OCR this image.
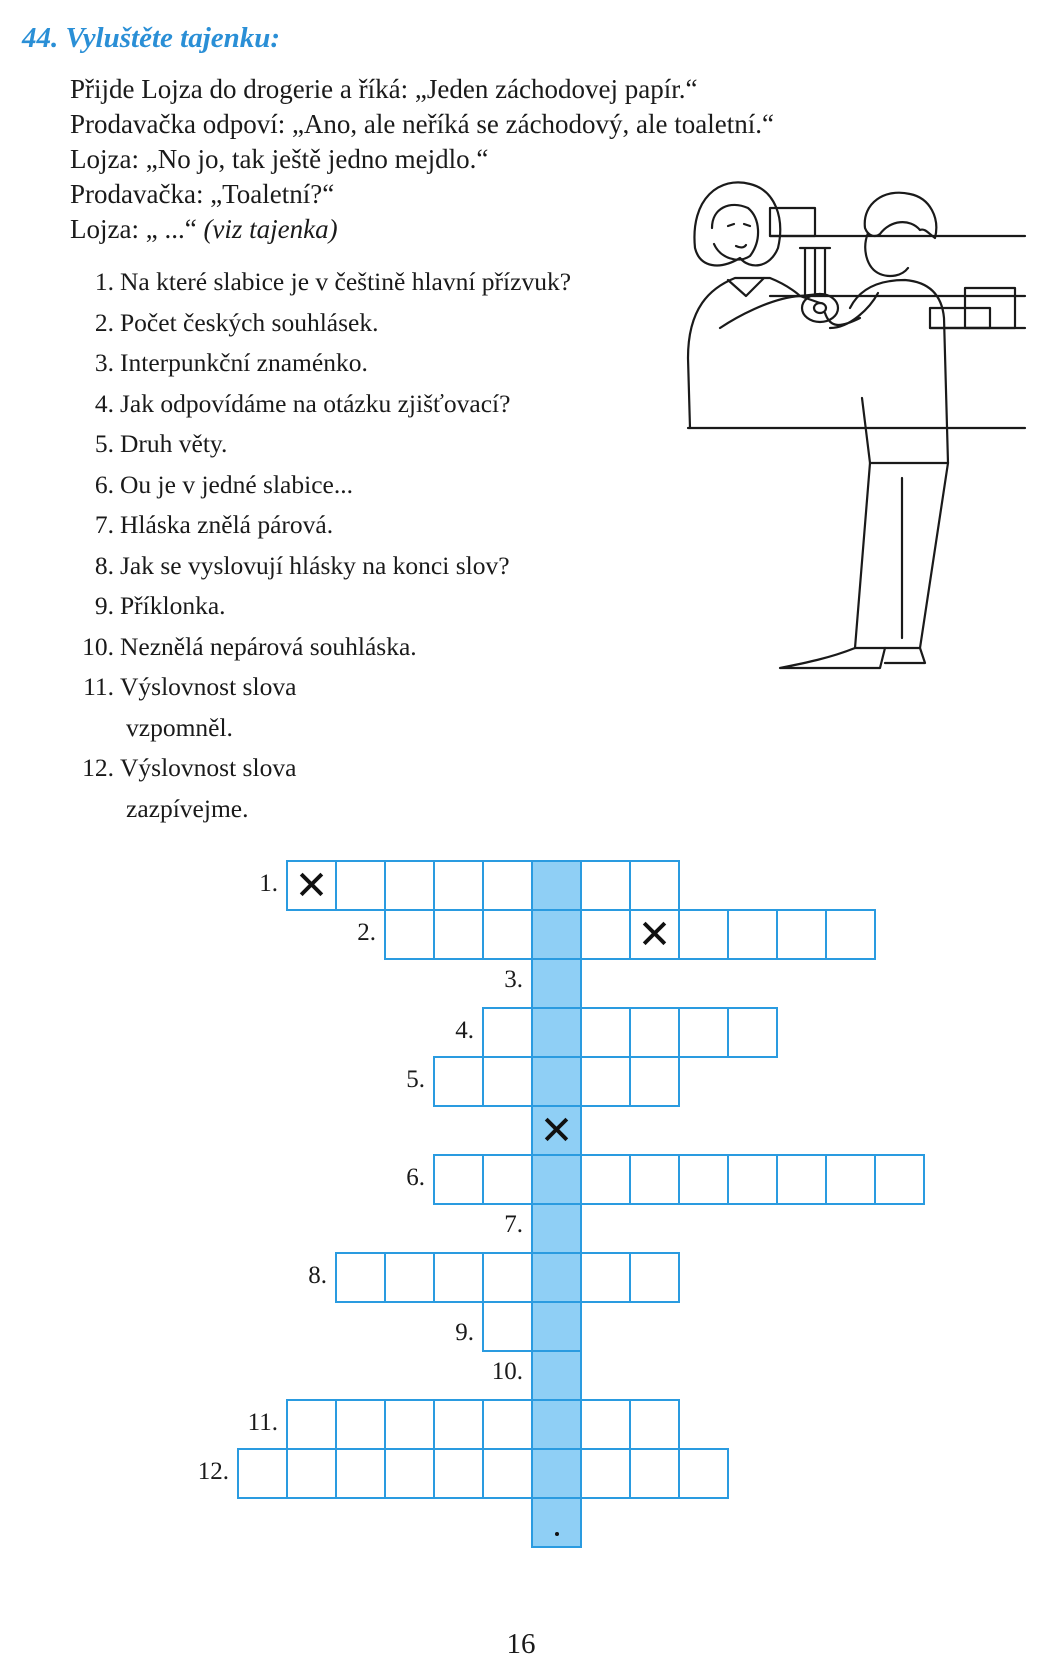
44. Vyluštěte tajenku:
Přijde Lojza do drogerie a říká: „Jeden záchodovej papír.“
Prodavačka odpoví: „Ano, ale neříká se záchodový, ale toaletní.“
Lojza: „No jo, tak ještě jedno mejdlo.“
Prodavačka: „Toaletní?“
Lojza: „ ...“ (viz tajenka)
1. Na které slabice je v češtině hlavní přízvuk?
2. Počet českých souhlásek.
3. Interpunkční znaménko.
4. Jak odpovídáme na otázku zjišťovací?
5. Druh věty.
6. Ou je v jedné slabice...
7. Hláska znělá párová.
8. Jak se vyslovují hlásky na konci slov?
9. Příklonka.
10. Neznělá nepárová souhláska.
11. Výslovnost slova
vzpomněl.
12. Výslovnost slova
zazpívejme.
1.
✕
2.
✕
3.
4.
5.
✕
6.
7.
8.
9.
10.
11.
12.
16
